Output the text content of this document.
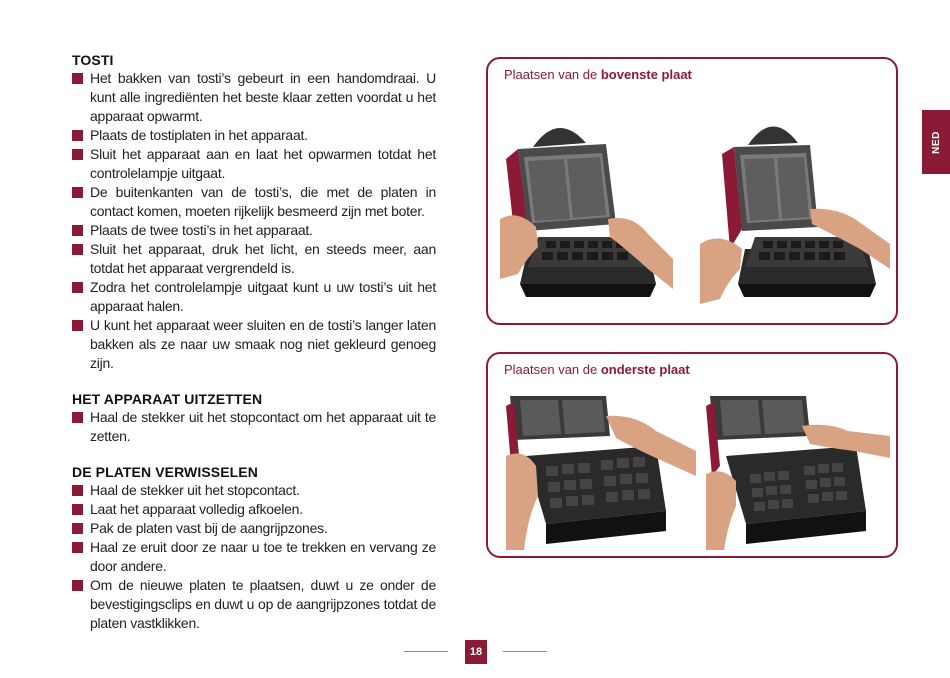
TOSTI
Het bakken van tosti’s gebeurt in een handomdraai. U kunt alle ingrediënten het beste klaar zetten voordat u het apparaat opwarmt.
Plaats de tostiplaten in het apparaat.
Sluit het apparaat aan en laat het opwarmen totdat het controlelampje uitgaat.
De buitenkanten van de tosti’s, die met de platen in contact komen, moeten rijkelijk besmeerd zijn met boter.
Plaats de twee tosti’s in het apparaat.
Sluit het apparaat, druk het licht, en steeds meer, aan totdat het apparaat vergrendeld is.
Zodra het controlelampje uitgaat kunt u uw tosti’s uit het apparaat halen.
U kunt het apparaat weer sluiten en de tosti’s langer laten bakken als ze naar uw smaak nog niet gekleurd genoeg zijn.
HET APPARAAT UITZETTEN
Haal de stekker uit het stopcontact om het apparaat uit te zetten.
DE PLATEN VERWISSELEN
Haal de stekker uit het stopcontact.
Laat het apparaat volledig afkoelen.
Pak de platen vast bij de aangrijpzones.
Haal ze eruit door ze naar u toe te trekken en vervang ze door andere.
Om de nieuwe platen te plaatsen, duwt u ze onder de bevestigingsclips en duwt u op de aangrijpzones totdat de platen vastklikken.
Plaatsen van de bovenste plaat
Plaatsen van de onderste plaat
NED
18
